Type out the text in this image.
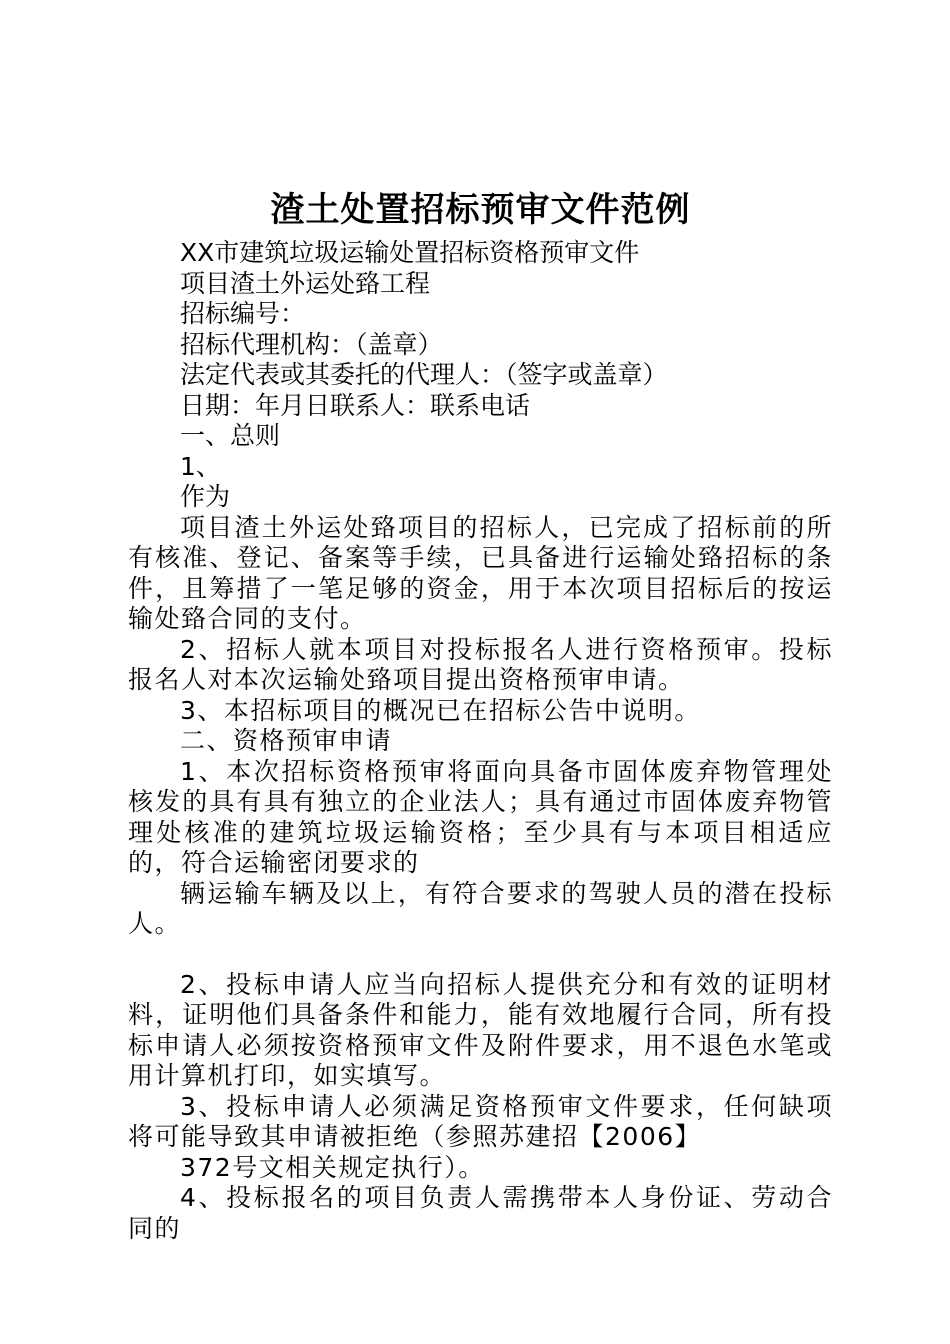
渣土处置招标预审文件范例

XX市建筑垃圾运输处置招标资格预审文件

项目渣土外运处臵工程

招标编号：

招标代理机构：（盖章）

法定代表或其委托的代理人：（签字或盖章）

日期：年月日联系人：联系电话

一、总则

1、

作为

项目渣土外运处臵项目的招标人，已完成了招标前的所有核准、登记、备案等手续，已具备进行运输处臵招标的条件，且筹措了一笔足够的资金，用于本次项目招标后的按运输处臵合同的支付。

2、招标人就本项目对投标报名人进行资格预审。投标报名人对本次运输处臵项目提出资格预审申请。

3、本招标项目的概况已在招标公告中说明。

二、资格预审申请

1、本次招标资格预审将面向具备市固体废弃物管理处核发的具有具有独立的企业法人；具有通过市固体废弃物管理处核准的建筑垃圾运输资格；至少具有与本项目相适应的，符合运输密闭要求的

辆运输车辆及以上，有符合要求的驾驶人员的潜在投标人。

2、投标申请人应当向招标人提供充分和有效的证明材料，证明他们具备条件和能力，能有效地履行合同，所有投标申请人必须按资格预审文件及附件要求，用不退色水笔或用计算机打印，如实填写。

3、投标申请人必须满足资格预审文件要求，任何缺项将可能导致其申请被拒绝（参照苏建招【2006】

372号文相关规定执行）。

4、投标报名的项目负责人需携带本人身份证、劳动合同的
